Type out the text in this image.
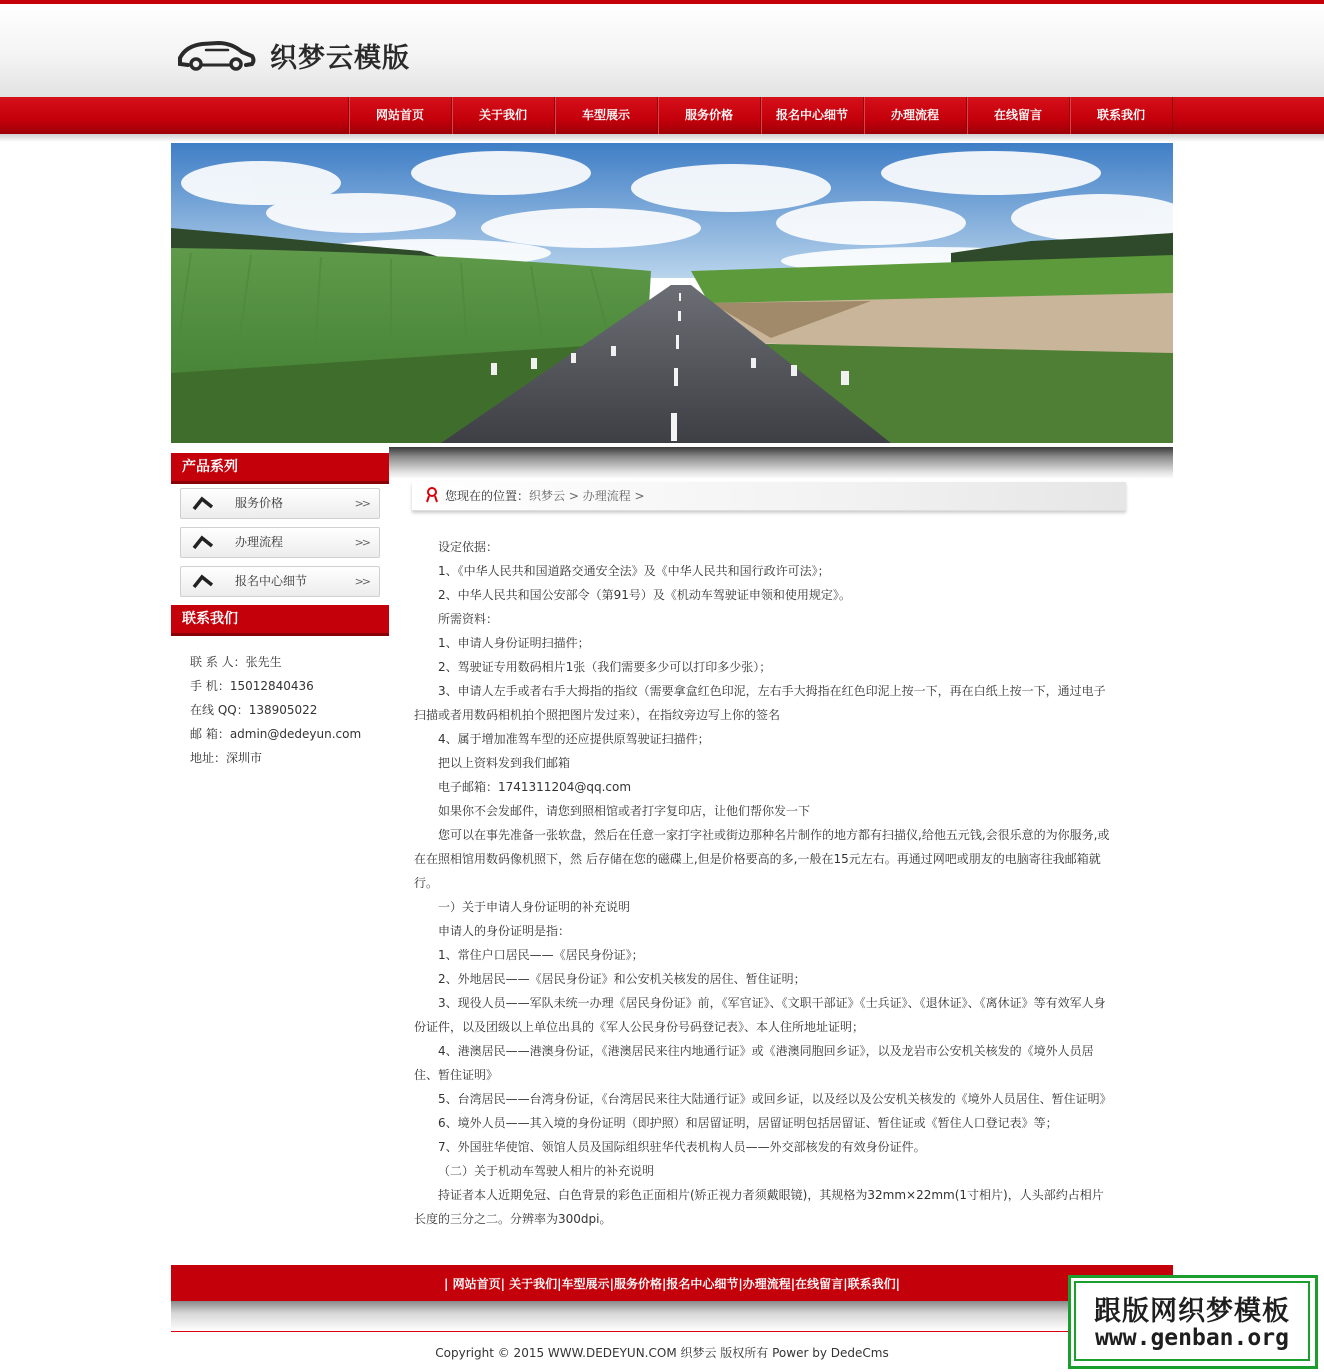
织梦云模版
网站首页	关于我们	车型展示	服务价格	报名中心细节	办理流程	在线留言	联系我们
产品系列
服务价格	>>
办理流程	>>
报名中心细节	>>
联系我们
联 系 人：张先生
手 机：15012840436
在线 QQ：138905022
邮 箱：admin@dedeyun.com
地址：深圳市
您现在的位置：织梦云 > 办理流程 >

设定依据：

1、《中华人民共和国道路交通安全法》及《中华人民共和国行政许可法》；

2、中华人民共和国公安部令（第91号）及《机动车驾驶证申领和使用规定》。

所需资料：

1、申请人身份证明扫描件；

2、驾驶证专用数码相片1张（我们需要多少可以打印多少张）；

3、申请人左手或者右手大拇指的指纹（需要拿盒红色印泥，左右手大拇指在红色印泥上按一下，再在白纸上按一下，通过电子扫描或者用数码相机拍个照把图片发过来），在指纹旁边写上你的签名

4、属于增加准驾车型的还应提供原驾驶证扫描件；

把以上资料发到我们邮箱

电子邮箱：1741311204@qq.com

如果你不会发邮件，请您到照相馆或者打字复印店，让他们帮你发一下

您可以在事先准备一张软盘，然后在任意一家打字社或街边那种名片制作的地方都有扫描仪,给他五元钱,会很乐意的为你服务,或在在照相馆用数码像机照下，然 后存储在您的磁碟上,但是价格要高的多,一般在15元左右。再通过网吧或朋友的电脑寄往我邮箱就行。

一）关于申请人身份证明的补充说明

申请人的身份证明是指：

1、常住户口居民——《居民身份证》；

2、外地居民——《居民身份证》和公安机关核发的居住、暂住证明；

3、现役人员——军队未统一办理《居民身份证》前，《军官证》、《文职干部证》《士兵证》、《退休证》、《离休证》等有效军人身份证件，以及团级以上单位出具的《军人公民身份号码登记表》、本人住所地址证明；

4、港澳居民——港澳身份证，《港澳居民来往内地通行证》或《港澳同胞回乡证》，以及龙岩市公安机关核发的《境外人员居住、暂住证明》

5、台湾居民——台湾身份证，《台湾居民来往大陆通行证》或回乡证，以及经以及公安机关核发的《境外人员居住、暂住证明》

6、境外人员——其入境的身份证明（即护照）和居留证明，居留证明包括居留证、暂住证或《暂住人口登记表》等；

7、外国驻华使馆、领馆人员及国际组织驻华代表机构人员——外交部核发的有效身份证件。

（二）关于机动车驾驶人相片的补充说明

持证者本人近期免冠、白色背景的彩色正面相片(矫正视力者须戴眼镜)，其规格为32mm×22mm(1寸相片)，人头部约占相片长度的三分之二。分辨率为300dpi。

| 网站首页| 关于我们|车型展示|服务价格|报名中心细节|办理流程|在线留言|联系我们|
Copyright © 2015 WWW.DEDEYUN.COM 织梦云 版权所有 Power by DedeCms
跟版网织梦模板
www.genban.org
